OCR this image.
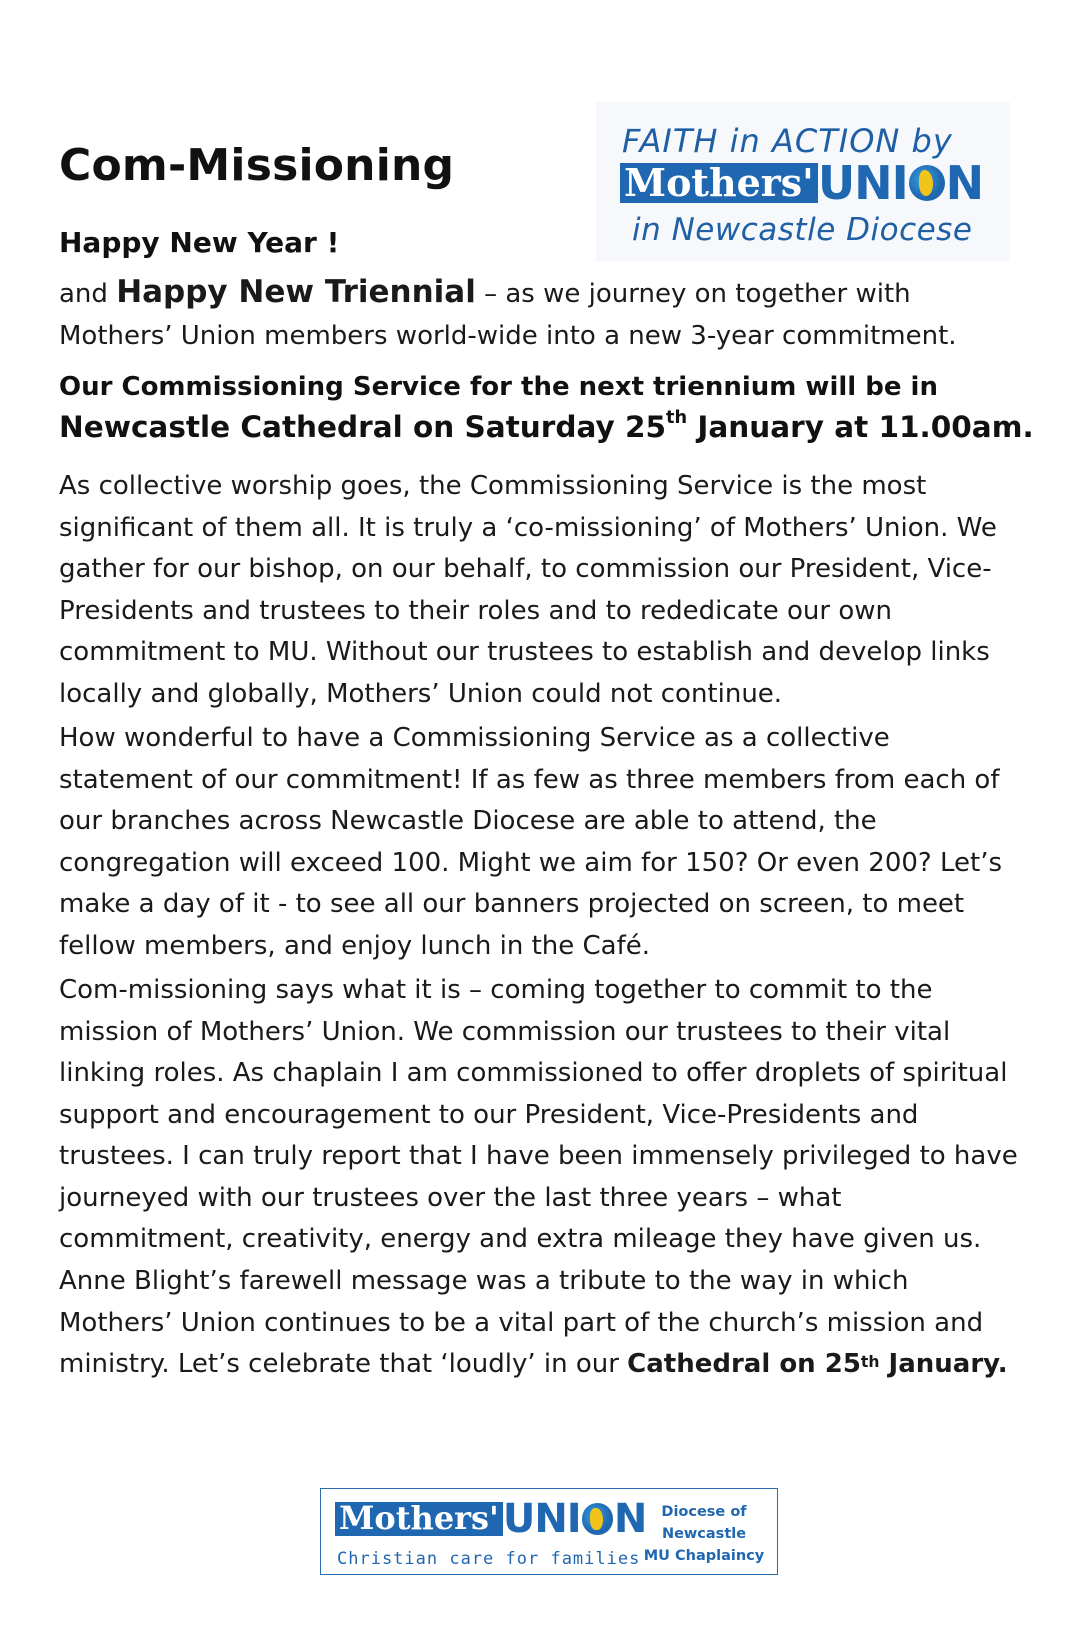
Com-Missioning
Happy New Year !
FAITH in ACTION by
Mothers' UNI N
in Newcastle Diocese

and Happy New Triennial – as we journey on together with Mothers’ Union members world-wide into a new 3-year commitment.

Our Commissioning Service for the next triennium will be in

Newcastle Cathedral on Saturday 25th January at 11.00am.

As collective worship goes, the Commissioning Service is the most significant of them all. It is truly a ‘co-missioning’ of Mothers’ Union. We gather for our bishop, on our behalf, to commission our President, Vice-Presidents and trustees to their roles and to rededicate our own commitment to MU. Without our trustees to establish and develop links locally and globally, Mothers’ Union could not continue.

How wonderful to have a Commissioning Service as a collective statement of our commitment! If as few as three members from each of our branches across Newcastle Diocese are able to attend, the congregation will exceed 100. Might we aim for 150? Or even 200? Let’s make a day of it - to see all our banners projected on screen, to meet fellow members, and enjoy lunch in the Café.

Com-missioning says what it is – coming together to commit to the mission of Mothers’ Union. We commission our trustees to their vital linking roles. As chaplain I am commissioned to offer droplets of spiritual support and encouragement to our President, Vice-Presidents and trustees. I can truly report that I have been immensely privileged to have journeyed with our trustees over the last three years – what commitment, creativity, energy and extra mileage they have given us.

Anne Blight’s farewell message was a tribute to the way in which Mothers’ Union continues to be a vital part of the church’s mission and ministry. Let’s celebrate that ‘loudly’ in our Cathedral on 25th January.

Mothers' UNI N
Christian care for families
Diocese of
Newcastle
MU Chaplaincy
